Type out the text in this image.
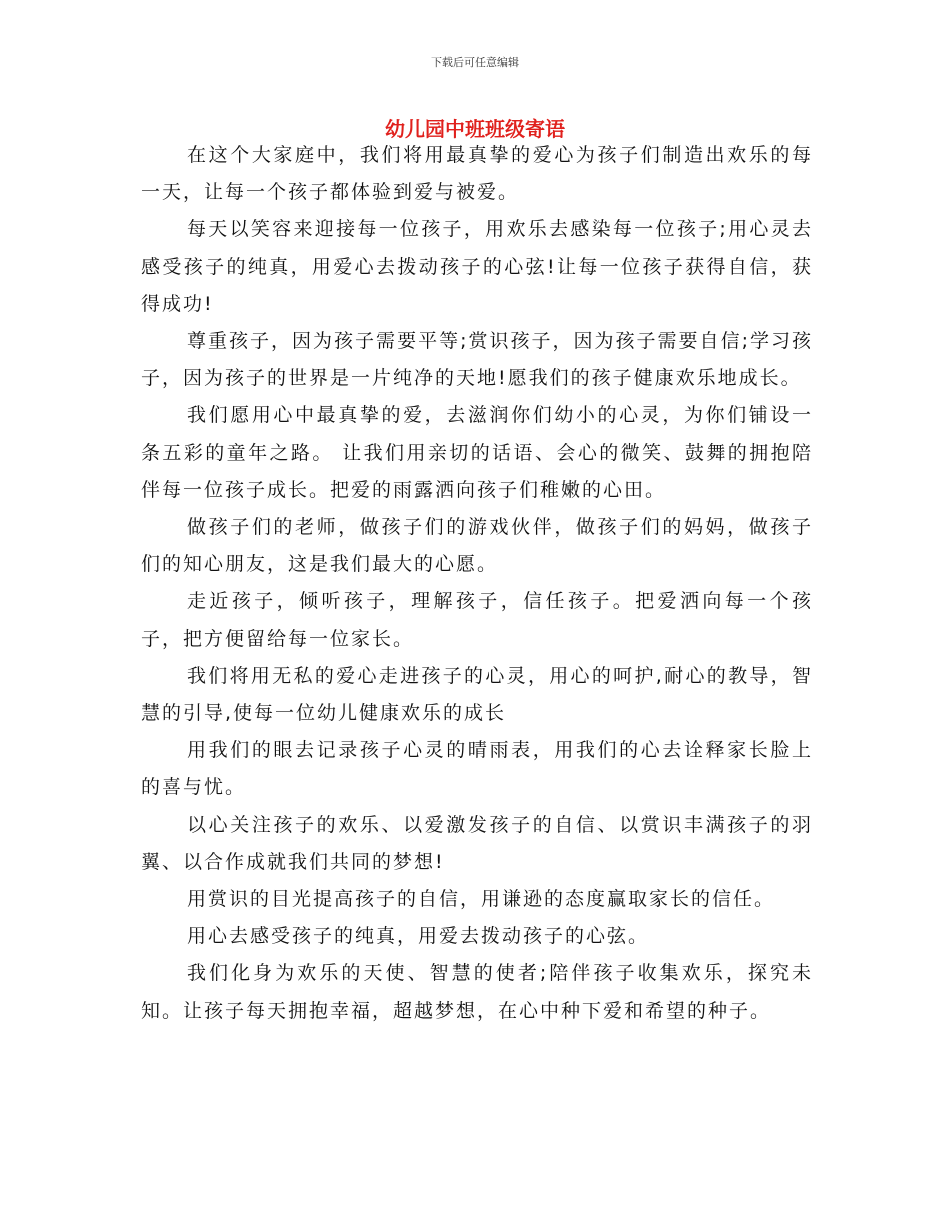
下载后可任意编辑
幼儿园中班班级寄语

在这个大家庭中，我们将用最真挚的爱心为孩子们制造出欢乐的每一天，让每一个孩子都体验到爱与被爱。

每天以笑容来迎接每一位孩子，用欢乐去感染每一位孩子;用心灵去感受孩子的纯真，用爱心去拨动孩子的心弦!让每一位孩子获得自信，获得成功!

尊重孩子，因为孩子需要平等;赏识孩子，因为孩子需要自信;学习孩子，因为孩子的世界是一片纯净的天地!愿我们的孩子健康欢乐地成长。

我们愿用心中最真挚的爱，去滋润你们幼小的心灵，为你们铺设一条五彩的童年之路。 让我们用亲切的话语、会心的微笑、鼓舞的拥抱陪伴每一位孩子成长。把爱的雨露洒向孩子们稚嫩的心田。

做孩子们的老师，做孩子们的游戏伙伴，做孩子们的妈妈，做孩子们的知心朋友，这是我们最大的心愿。

走近孩子，倾听孩子，理解孩子，信任孩子。把爱洒向每一个孩子，把方便留给每一位家长。

我们将用无私的爱心走进孩子的心灵，用心的呵护,耐心的教导，智慧的引导,使每一位幼儿健康欢乐的成长

用我们的眼去记录孩子心灵的晴雨表，用我们的心去诠释家长脸上的喜与忧。

以心关注孩子的欢乐、以爱激发孩子的自信、以赏识丰满孩子的羽翼、以合作成就我们共同的梦想!

用赏识的目光提高孩子的自信，用谦逊的态度赢取家长的信任。

用心去感受孩子的纯真，用爱去拨动孩子的心弦。

我们化身为欢乐的天使、智慧的使者;陪伴孩子收集欢乐，探究未知。让孩子每天拥抱幸福，超越梦想，在心中种下爱和希望的种子。
